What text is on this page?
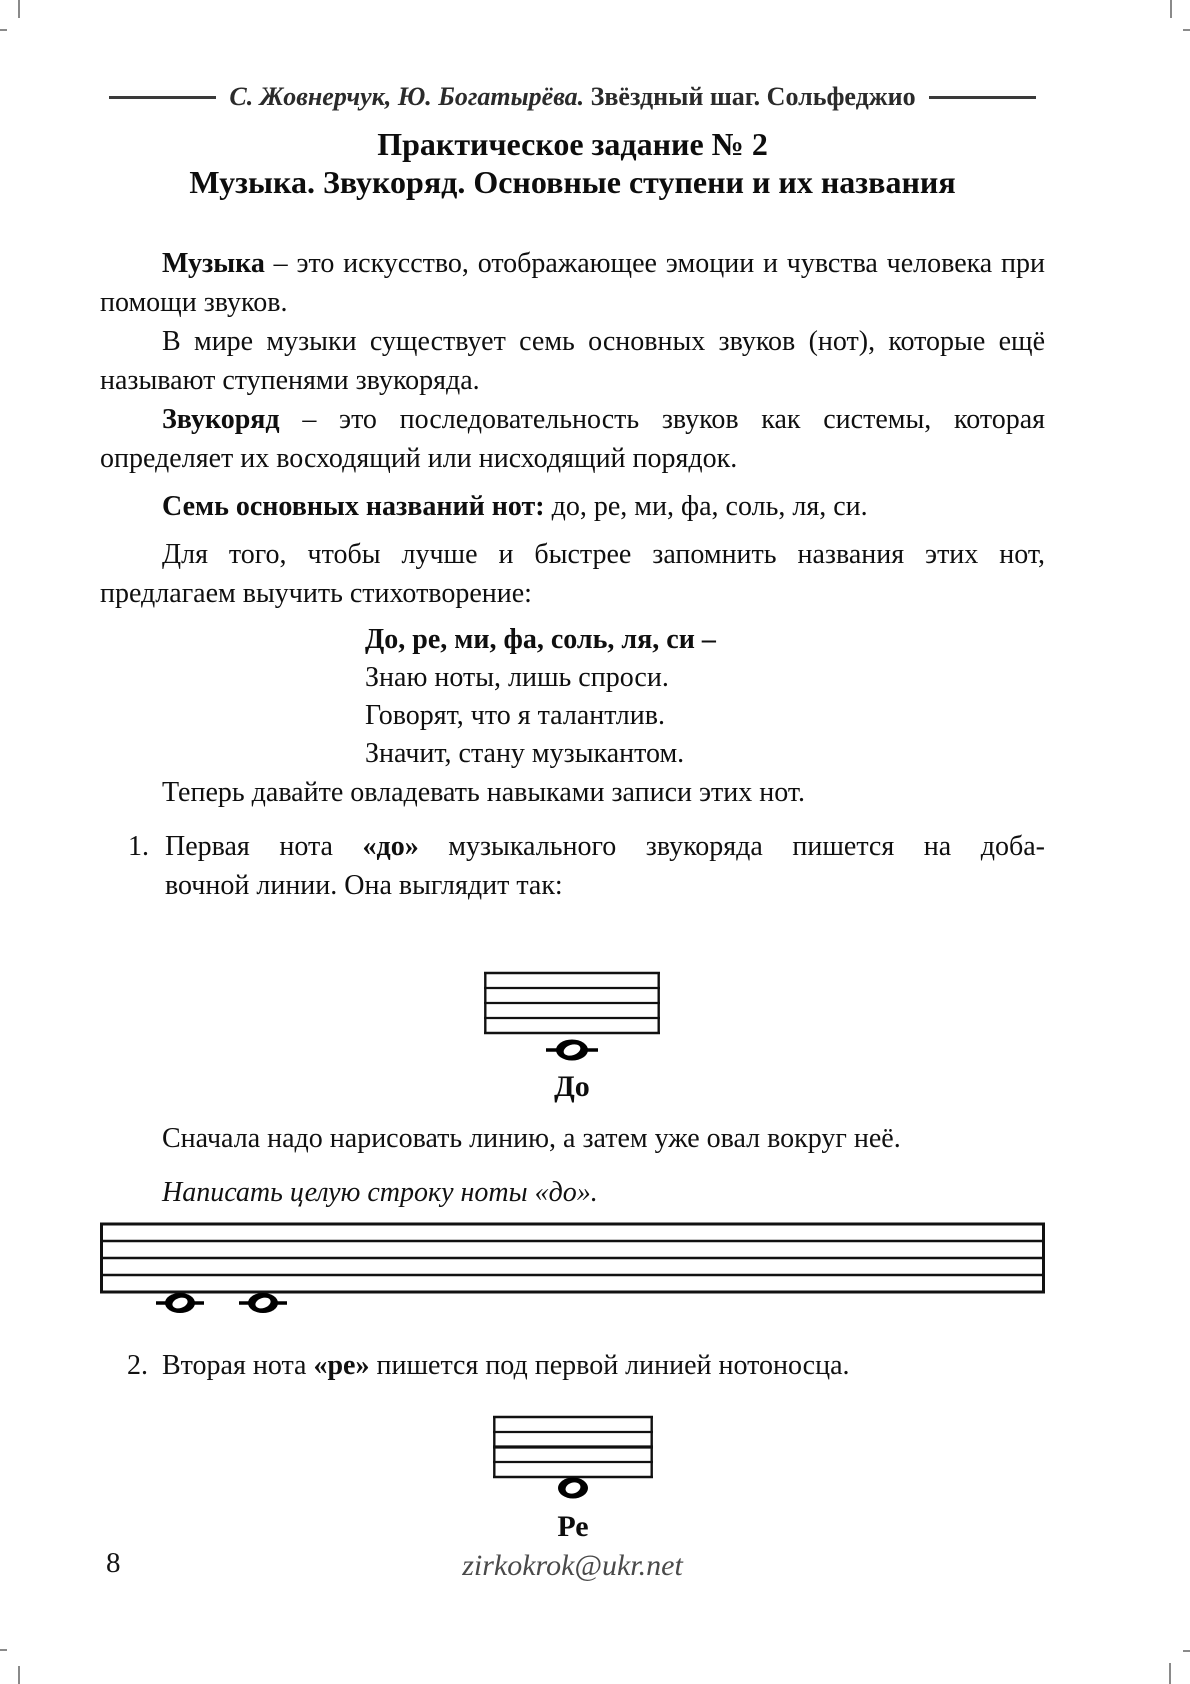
С. Жовнерчук, Ю. Богатырёва. Звёздный шаг. Сольфеджио
Практическое задание № 2
Музыка. Звукоряд. Основные ступени и их названия

Музыка – это искусство, отображающее эмоции и чувства человека при помощи звуков.

В мире музыки существует семь основных звуков (нот), которые ещё называют ступенями звукоряда.

Звукоряд – это последовательность звуков как системы, которая определяет их восходящий или нисходящий порядок.

Семь основных названий нот: до, ре, ми, фа, соль, ля, си.

Для того, чтобы лучше и быстрее запомнить названия этих нот, предлагаем выучить стихотворение:

До, ре, ми, фа, соль, ля, си –
Знаю ноты, лишь спроси.
Говорят, что я талантлив.
Значит, стану музыкантом.

Теперь давайте овладевать навыками записи этих нот.

1. Первая нота «до» музыкального звукоряда пишется на доба-
вочной линии. Она выглядит так:
До
Сначала надо нарисовать линию, а затем уже овал вокруг неё.
Написать целую строку ноты «до».
2. Вторая нота «ре» пишется под первой линией нотоносца.
Ре
8	zirkokrok@ukr.net
